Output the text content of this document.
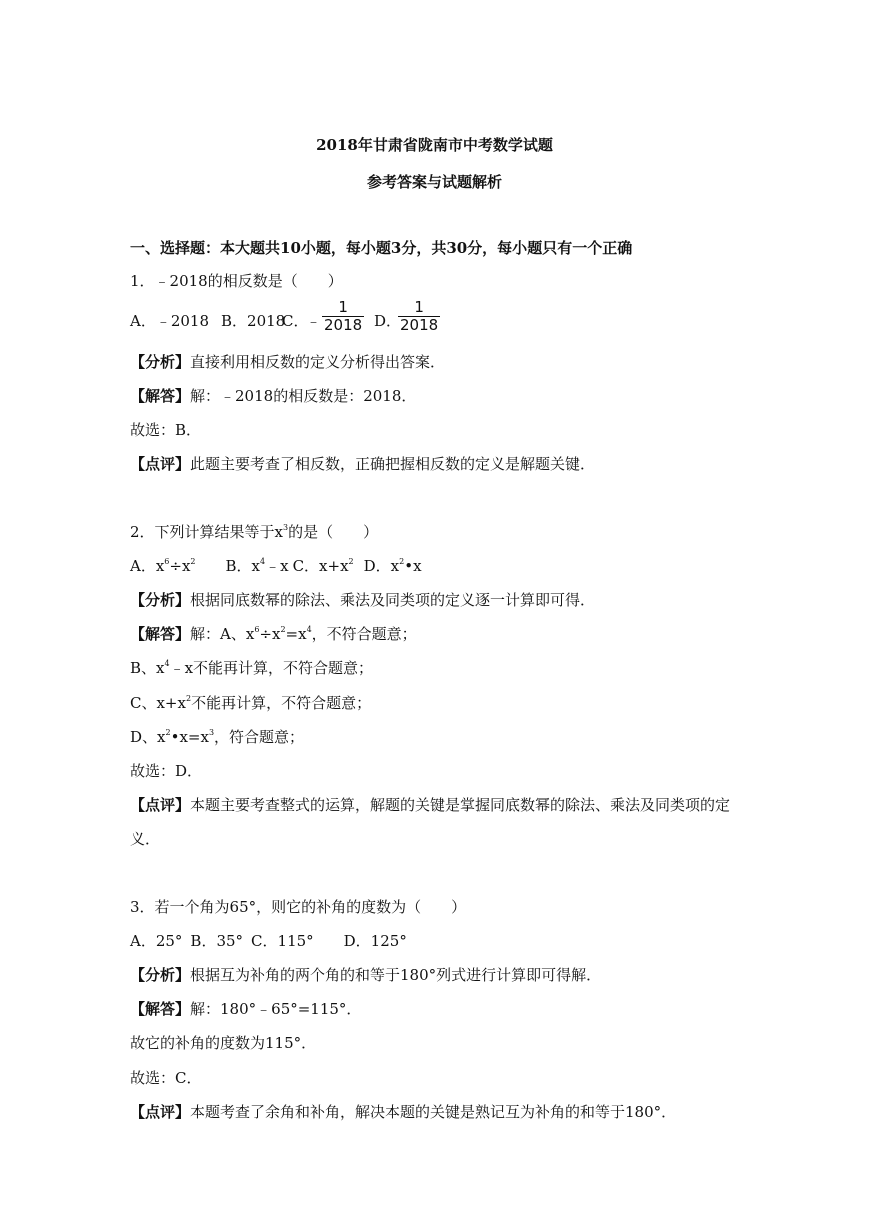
2018年甘肃省陇南市中考数学试题
参考答案与试题解析
一、选择题：本大题共10小题，每小题3分，共30分，每小题只有一个正确
1．﹣2018的相反数是（　　）
A．﹣2018 B．2018
C．
﹣ $\frac{1}{2018}$ D．
$\frac{1}{2018}$
【分析】直接利用相反数的定义分析得出答案．
【解答】解：﹣2018的相反数是：2018．
故选：B．
【点评】此题主要考查了相反数，正确把握相反数的定义是解题关键．
2．下列计算结果等于$x^3$的是（　　）
A．$x^6\div x^2$ B．$x^4﹣x$ C．$x+x^2$ D．$x^2•x$
【分析】根据同底数幂的除法、乘法及同类项的定义逐一计算即可得．
【解答】解：A、$x^6\div x^2=x^4$，不符合题意；
B、$x^4﹣x$不能再计算，不符合题意；
C、$x+x^2$不能再计算，不符合题意；
D、$x^2•x=x^3$，符合题意；
故选：D．
【点评】本题主要考查整式的运算，解题的关键是掌握同底数幂的除法、乘法及同类项的定
义．
3．若一个角为65°，则它的补角的度数为（　　）
A．25° B．35° C．115° D．125°
【分析】根据互为补角的两个角的和等于180°列式进行计算即可得解．
【解答】解：180°﹣65°=115°．
故它的补角的度数为115°．
故选：C．
【点评】本题考查了余角和补角，解决本题的关键是熟记互为补角的和等于180°．
